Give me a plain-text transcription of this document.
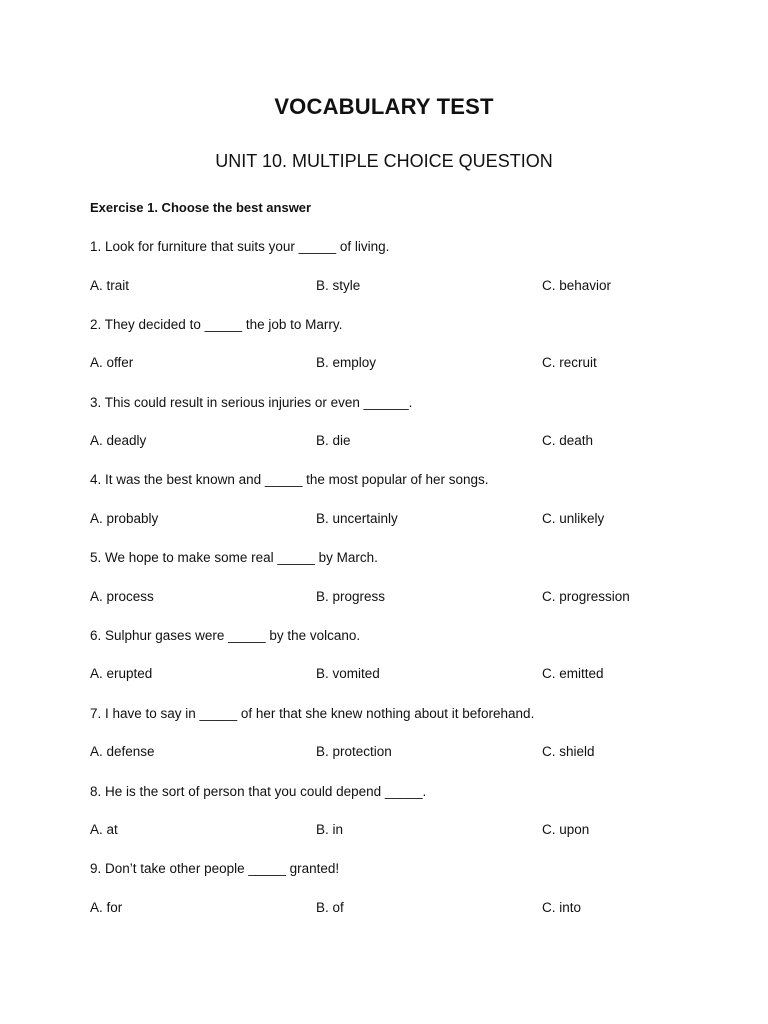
VOCABULARY TEST
UNIT 10. MULTIPLE CHOICE QUESTION
Exercise 1. Choose the best answer
1. Look for furniture that suits your _____ of living.
A. trait	B. style	C. behavior
2. They decided to _____ the job to Marry.
A. offer	B. employ	C. recruit
3. This could result in serious injuries or even ______.
A. deadly	B. die	C. death
4. It was the best known and _____ the most popular of her songs.
A. probably	B. uncertainly	C. unlikely
5. We hope to make some real _____ by March.
A. process	B. progress	C. progression
6. Sulphur gases were _____ by the volcano.
A. erupted	B. vomited	C. emitted
7. I have to say in _____ of her that she knew nothing about it beforehand.
A. defense	B. protection	C. shield
8. He is the sort of person that you could depend _____.
A. at	B. in	C. upon
9. Don’t take other people _____ granted!
A. for	B. of	C. into
